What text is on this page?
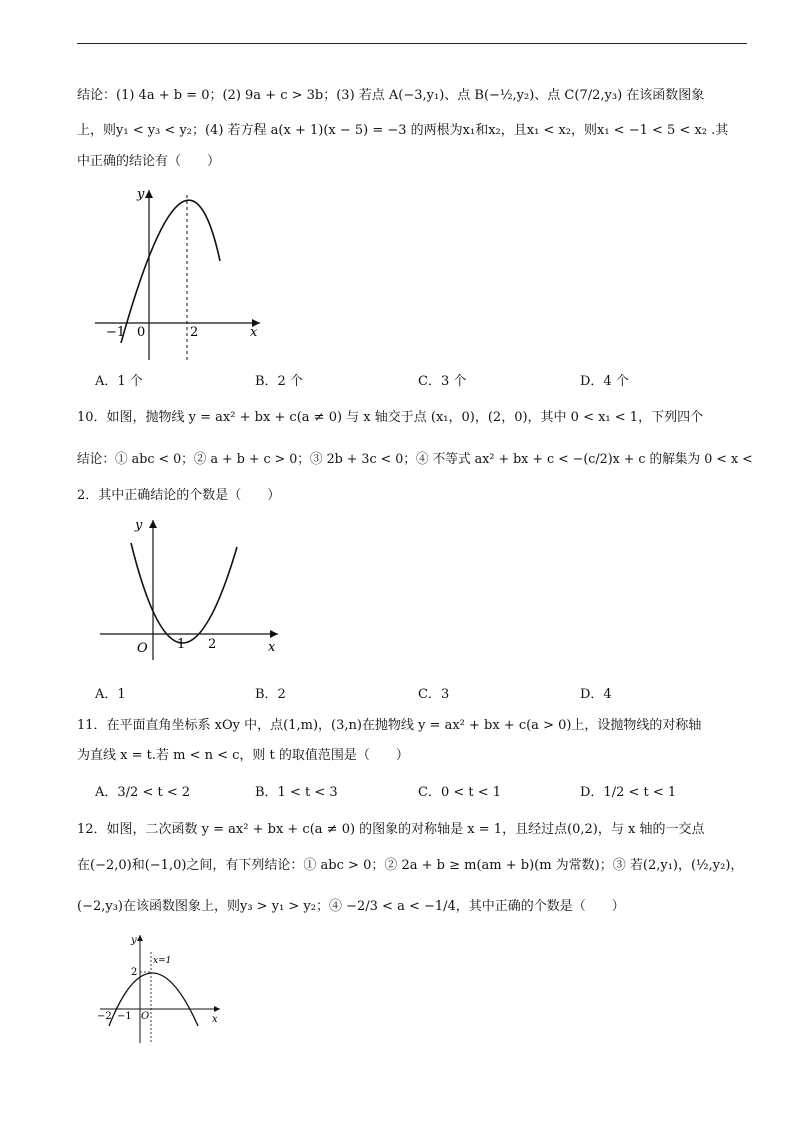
结论：(1) 4a + b = 0；(2) 9a + c > 3b；(3) 若点 A(−3,y₁)、点 B(−½,y₂)、点 C(7/2,y₃) 在该函数图象
上，则y₁ < y₃ < y₂；(4) 若方程 a(x + 1)(x − 5) = −3 的两根为x₁和x₂，且x₁ < x₂，则x₁ < −1 < 5 < x₂ .其
中正确的结论有（　　）
y
x
−1 0	2
A．1 个	B．2 个	C．3 个	D．4 个
10．如图，抛物线 y = ax² + bx + c(a ≠ 0) 与 x 轴交于点 (x₁，0)，(2，0)，其中 0 < x₁ < 1，下列四个
结论：① abc < 0；② a + b + c > 0；③ 2b + 3c < 0；④ 不等式 ax² + bx + c < −(c/2)x + c 的解集为 0 < x <
2．其中正确结论的个数是（　　）
y
x
O 1 2
A．1	B．2	C．3	D．4
11．在平面直角坐标系 xOy 中，点(1,m)，(3,n)在抛物线 y = ax² + bx + c(a > 0)上，设抛物线的对称轴
为直线 x = t.若 m < n < c，则 t 的取值范围是（　　）
A．3/2 < t < 2	B．1 < t < 3	C．0 < t < 1	D．1/2 < t < 1
12．如图，二次函数 y = ax² + bx + c(a ≠ 0) 的图象的对称轴是 x = 1，且经过点(0,2)，与 x 轴的一交点
在(−2,0)和(−1,0)之间，有下列结论：① abc > 0；② 2a + b ≥ m(am + b)(m 为常数)；③ 若(2,y₁)，(½,y₂)，
(−2,y₃)在该函数图象上，则y₃ > y₁ > y₂；④ −2/3 < a < −1/4，其中正确的个数是（　　）
y
x
x=1
2
−2 −1 O
